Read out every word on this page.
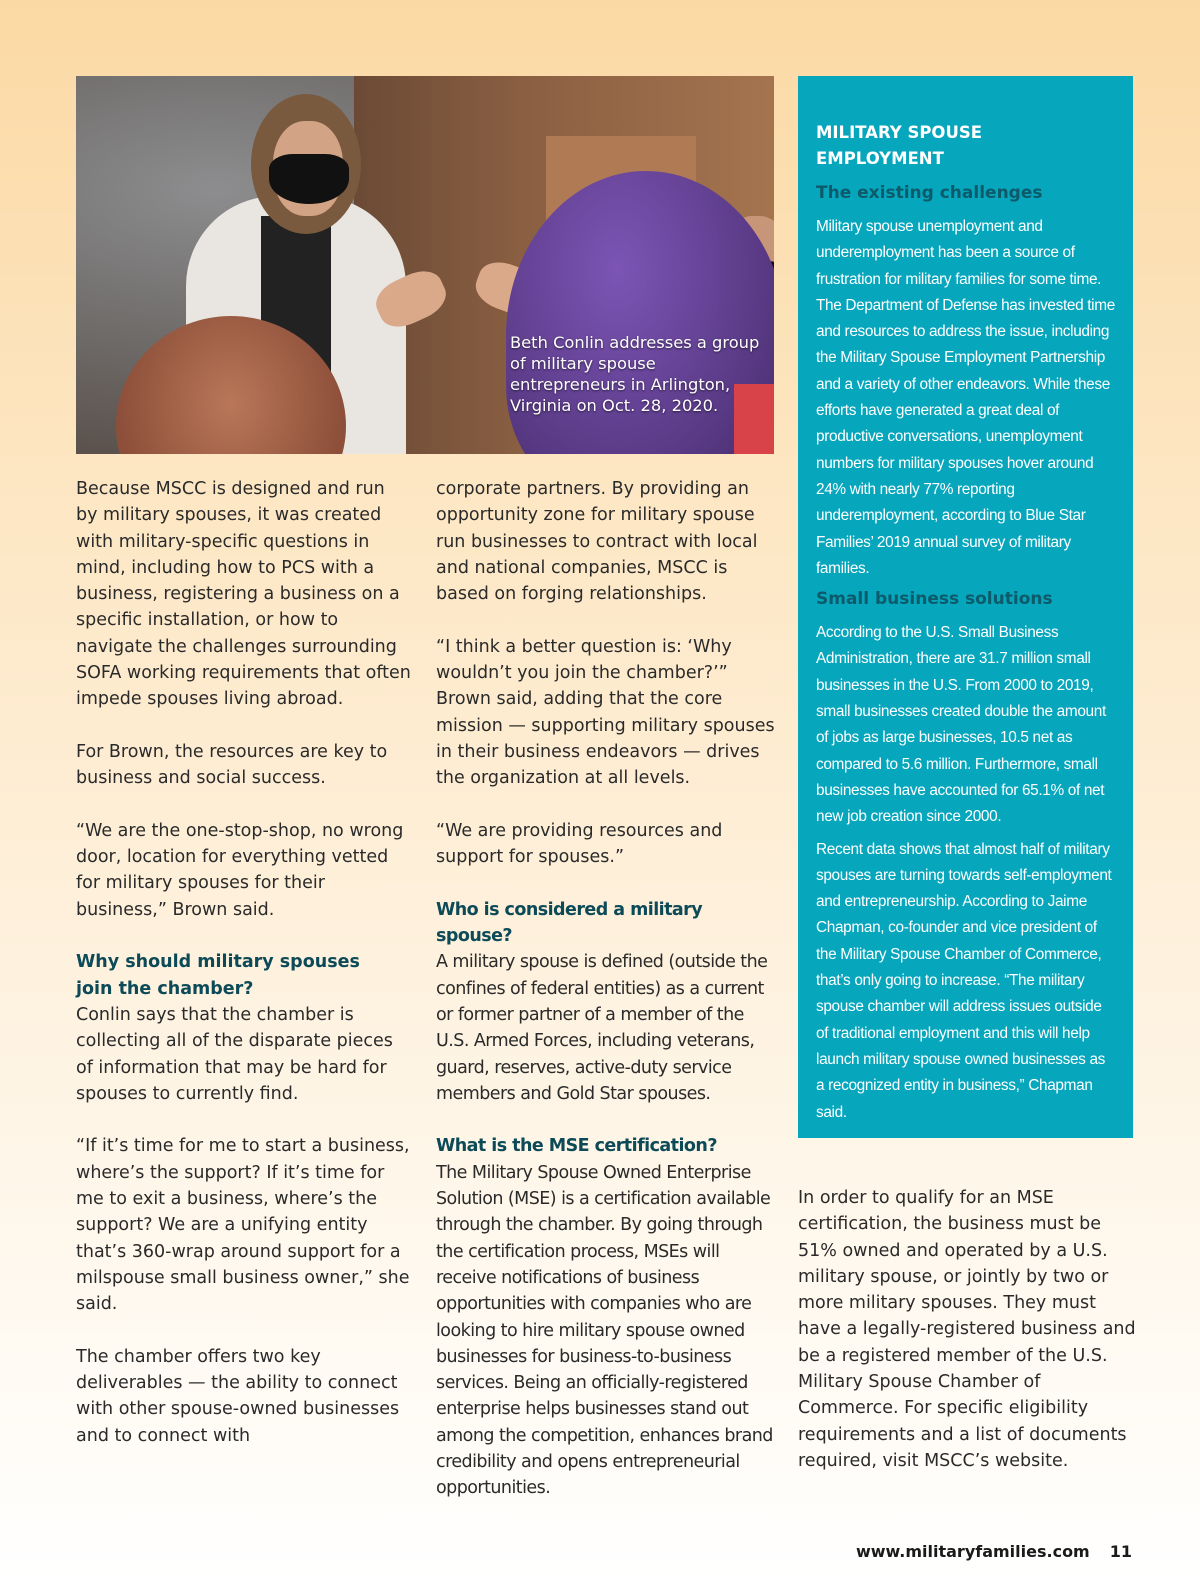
Beth Conlin addresses a group of military spouse entrepreneurs in Arlington, Virginia on Oct. 28, 2020.

MILITARY SPOUSE
EMPLOYMENT
The existing challenges

Military spouse unemployment and underemployment has been a source of frustration for military families for some time. The Department of Defense has invested time and resources to address the issue, including the Military Spouse Employment Partnership and a variety of other endeavors. While these efforts have generated a great deal of productive conversations, unemployment numbers for military spouses hover around 24% with nearly 77% reporting underemployment, according to Blue Star Families’ 2019 annual survey of military families.

Small business solutions

According to the U.S. Small Business Administration, there are 31.7 million small businesses in the U.S. From 2000 to 2019, small businesses created double the amount of jobs as large businesses, 10.5 net as compared to 5.6 million. Furthermore, small businesses have accounted for 65.1% of net new job creation since 2000.

Recent data shows that almost half of military spouses are turning towards self-employment and entrepreneurship. According to Jaime Chapman, co-founder and vice president of the Military Spouse Chamber of Commerce, that’s only going to increase. “The military spouse chamber will address issues outside of traditional employment and this will help launch military spouse owned businesses as a recognized entity in business,” Chapman said.

Because MSCC is designed and run by military spouses, it was created with military-specific questions in mind, including how to PCS with a business, registering a business on a specific installation, or how to navigate the challenges surrounding SOFA working requirements that often impede spouses living abroad.

For Brown, the resources are key to business and social success.

“We are the one-stop-shop, no wrong door, location for everything vetted for military spouses for their business,” Brown said.

Why should military spouses
join the chamber?

Conlin says that the chamber is collecting all of the disparate pieces of information that may be hard for spouses to currently find.

“If it’s time for me to start a business, where’s the support? If it’s time for me to exit a business, where’s the support? We are a unifying entity that’s 360-wrap around support for a milspouse small business owner,” she said.

The chamber offers two key deliverables — the ability to connect with other spouse-owned businesses and to connect with

corporate partners. By providing an opportunity zone for military spouse run businesses to contract with local and national companies, MSCC is based on forging relationships.

“I think a better question is: ‘Why wouldn’t you join the chamber?’” Brown said, adding that the core mission — supporting military spouses in their business endeavors — drives the organization at all levels.

“We are providing resources and support for spouses.”

Who is considered a military spouse?

A military spouse is defined (outside the confines of federal entities) as a current or former partner of a member of the U.S. Armed Forces, including veterans, guard, reserves, active-duty service members and Gold Star spouses.

What is the MSE certification?

The Military Spouse Owned Enterprise Solution (MSE) is a certification available through the chamber. By going through the certification process, MSEs will receive notifications of business opportunities with companies who are looking to hire military spouse owned businesses for business-to-business services. Being an officially-registered enterprise helps businesses stand out among the competition, enhances brand credibility and opens entrepreneurial opportunities.

In order to qualify for an MSE certification, the business must be 51% owned and operated by a U.S. military spouse, or jointly by two or more military spouses. They must have a legally-registered business and be a registered member of the U.S. Military Spouse Chamber of Commerce. For specific eligibility requirements and a list of documents required, visit MSCC’s website.

www.militaryfamilies.com 11
